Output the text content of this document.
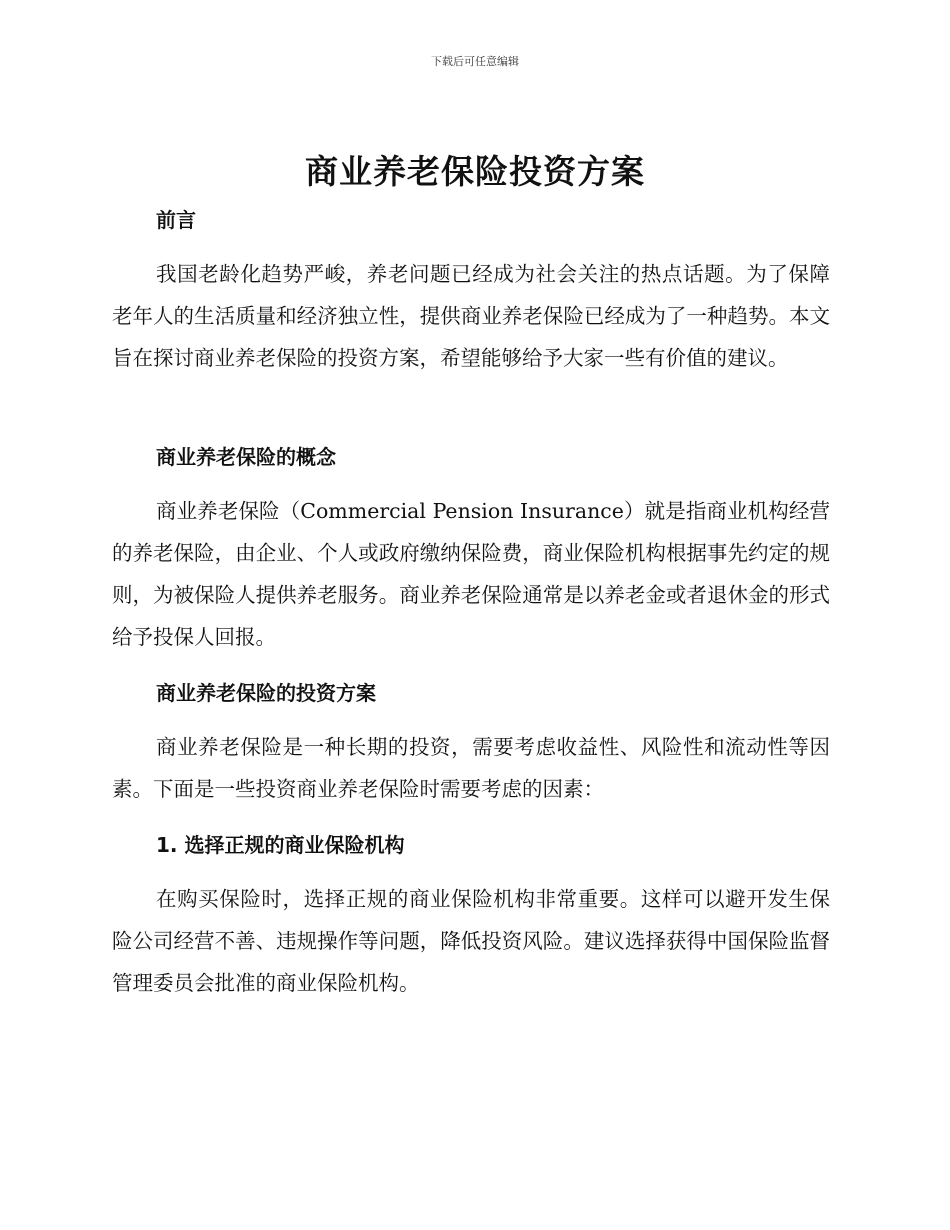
下载后可任意编辑
商业养老保险投资方案
前言

我国老龄化趋势严峻，养老问题已经成为社会关注的热点话题。为了保障老年人的生活质量和经济独立性，提供商业养老保险已经成为了一种趋势。本文旨在探讨商业养老保险的投资方案，希望能够给予大家一些有价值的建议。

商业养老保险的概念

商业养老保险（Commercial Pension Insurance）就是指商业机构经营的养老保险，由企业、个人或政府缴纳保险费，商业保险机构根据事先约定的规则，为被保险人提供养老服务。商业养老保险通常是以养老金或者退休金的形式给予投保人回报。

商业养老保险的投资方案

商业养老保险是一种长期的投资，需要考虑收益性、风险性和流动性等因素。下面是一些投资商业养老保险时需要考虑的因素：

1. 选择正规的商业保险机构

在购买保险时，选择正规的商业保险机构非常重要。这样可以避开发生保险公司经营不善、违规操作等问题，降低投资风险。建议选择获得中国保险监督管理委员会批准的商业保险机构。
